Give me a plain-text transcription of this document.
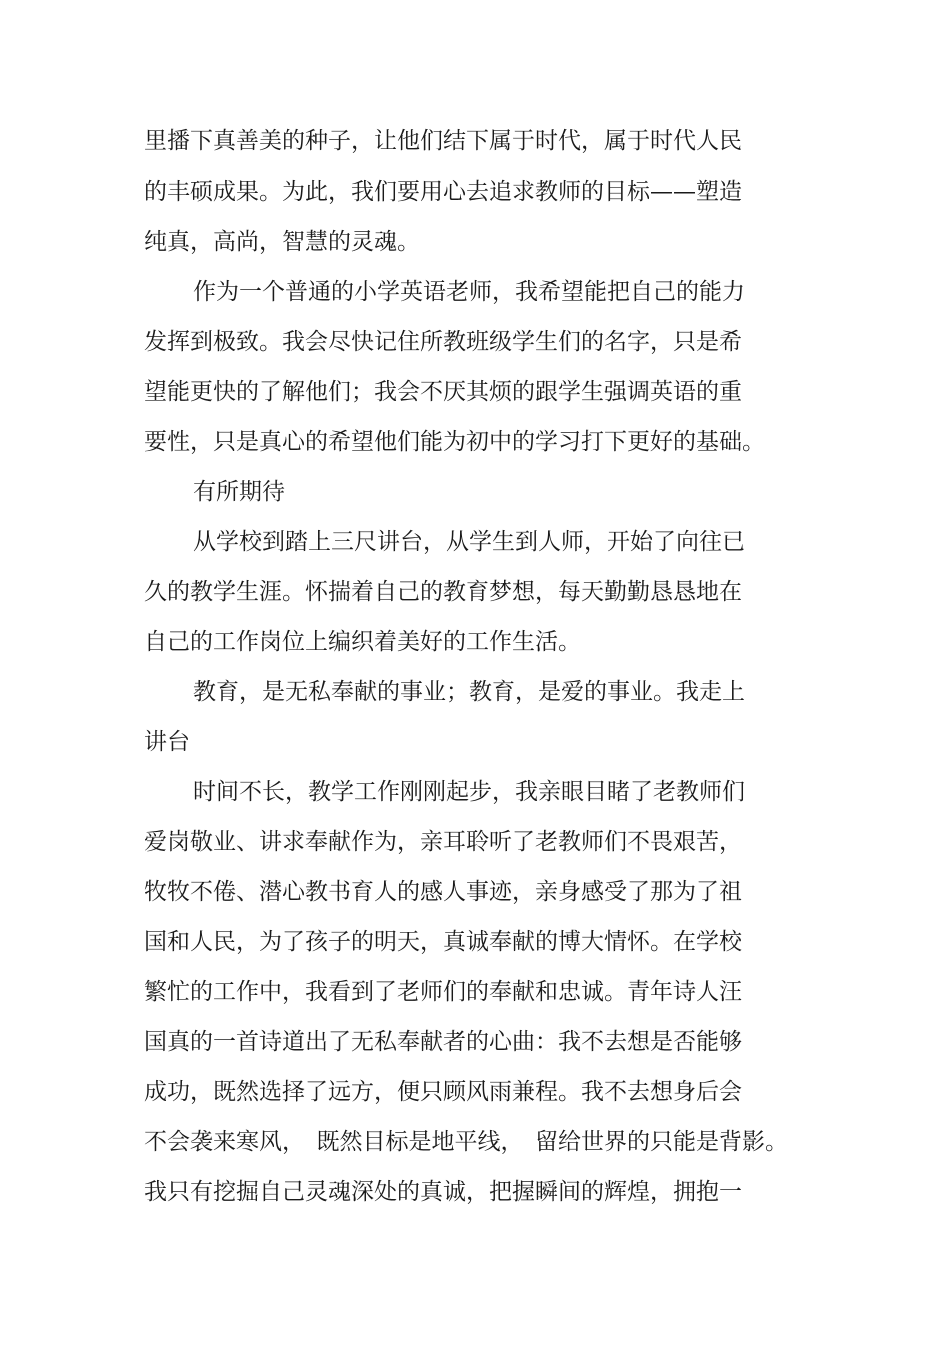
里播下真善美的种子，让他们结下属于时代，属于时代人民
的丰硕成果。为此，我们要用心去追求教师的目标——塑造
纯真，高尚，智慧的灵魂。
作为一个普通的小学英语老师，我希望能把自己的能力
发挥到极致。我会尽快记住所教班级学生们的名字，只是希
望能更快的了解他们；我会不厌其烦的跟学生强调英语的重
要性，只是真心的希望他们能为初中的学习打下更好的基础。
有所期待
从学校到踏上三尺讲台，从学生到人师，开始了向往已
久的教学生涯。怀揣着自己的教育梦想，每天勤勤恳恳地在
自己的工作岗位上编织着美好的工作生活。
教育，是无私奉献的事业；教育，是爱的事业。我走上
讲台
时间不长，教学工作刚刚起步，我亲眼目睹了老教师们
爱岗敬业、讲求奉献作为，亲耳聆听了老教师们不畏艰苦，
牧牧不倦、潜心教书育人的感人事迹，亲身感受了那为了祖
国和人民，为了孩子的明天，真诚奉献的博大情怀。在学校
繁忙的工作中，我看到了老师们的奉献和忠诚。青年诗人汪
国真的一首诗道出了无私奉献者的心曲：我不去想是否能够
成功，既然选择了远方，便只顾风雨兼程。我不去想身后会
不会袭来寒风，　既然目标是地平线，　留给世界的只能是背影。
我只有挖掘自己灵魂深处的真诚，把握瞬间的辉煌，拥抱一
